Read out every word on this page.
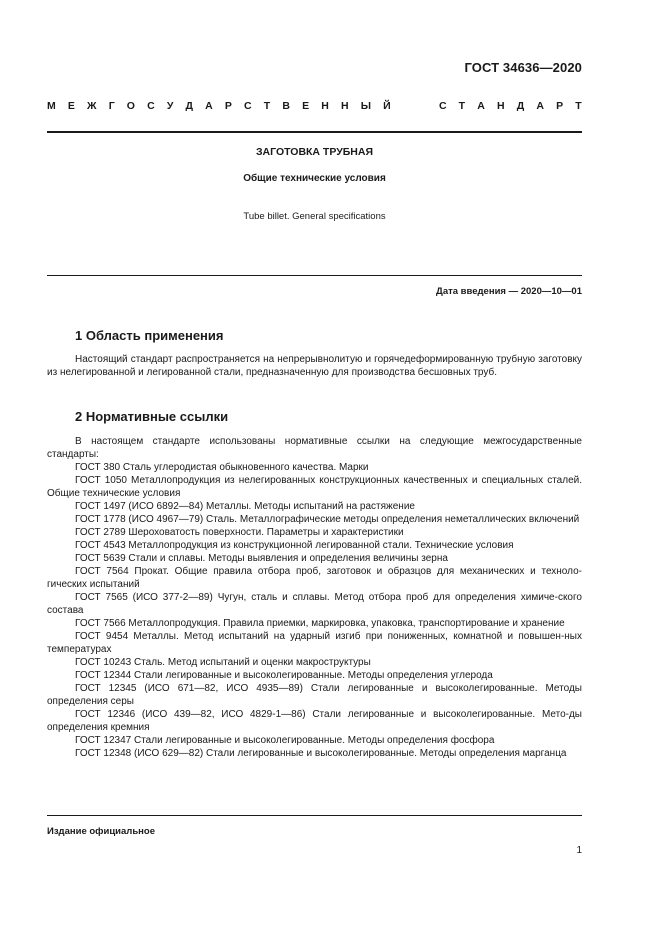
ГОСТ 34636—2020
М Е Ж Г О С У Д А Р С Т В Е Н Н Ы Й	С Т А Н Д А Р Т
ЗАГОТОВКА ТРУБНАЯ
Общие технические условия
Tube billet. General specifications
Дата введения — 2020—10—01
1 Область применения

Настоящий стандарт распространяется на непрерывнолитую и горячедеформированную трубную заготовку из нелегированной и легированной стали, предназначенную для производства бесшовных труб.

2 Нормативные ссылки

В настоящем стандарте использованы нормативные ссылки на следующие межгосударственные стандарты:

ГОСТ 380 Сталь углеродистая обыкновенного качества. Марки

ГОСТ 1050 Металлопродукция из нелегированных конструкционных качественных и специальных сталей. Общие технические условия

ГОСТ 1497 (ИСО 6892—84) Металлы. Методы испытаний на растяжение

ГОСТ 1778 (ИСО 4967—79) Сталь. Металлографические методы определения неметаллических включений

ГОСТ 2789 Шероховатость поверхности. Параметры и характеристики

ГОСТ 4543 Металлопродукция из конструкционной легированной стали. Технические условия

ГОСТ 5639 Стали и сплавы. Методы выявления и определения величины зерна

ГОСТ 7564 Прокат. Общие правила отбора проб, заготовок и образцов для механических и техноло-гических испытаний

ГОСТ 7565 (ИСО 377-2—89) Чугун, сталь и сплавы. Метод отбора проб для определения химиче-ского состава

ГОСТ 7566 Металлопродукция. Правила приемки, маркировка, упаковка, транспортирование и хранение

ГОСТ 9454 Металлы. Метод испытаний на ударный изгиб при пониженных, комнатной и повышен-ных температурах

ГОСТ 10243 Сталь. Метод испытаний и оценки макроструктуры

ГОСТ 12344 Стали легированные и высоколегированные. Методы определения углерода

ГОСТ 12345 (ИСО 671—82, ИСО 4935—89) Стали легированные и высоколегированные. Методы определения серы

ГОСТ 12346 (ИСО 439—82, ИСО 4829-1—86) Стали легированные и высоколегированные. Мето-ды определения кремния

ГОСТ 12347 Стали легированные и высоколегированные. Методы определения фосфора

ГОСТ 12348 (ИСО 629—82) Стали легированные и высоколегированные. Методы определения марганца

Издание официальное
1
